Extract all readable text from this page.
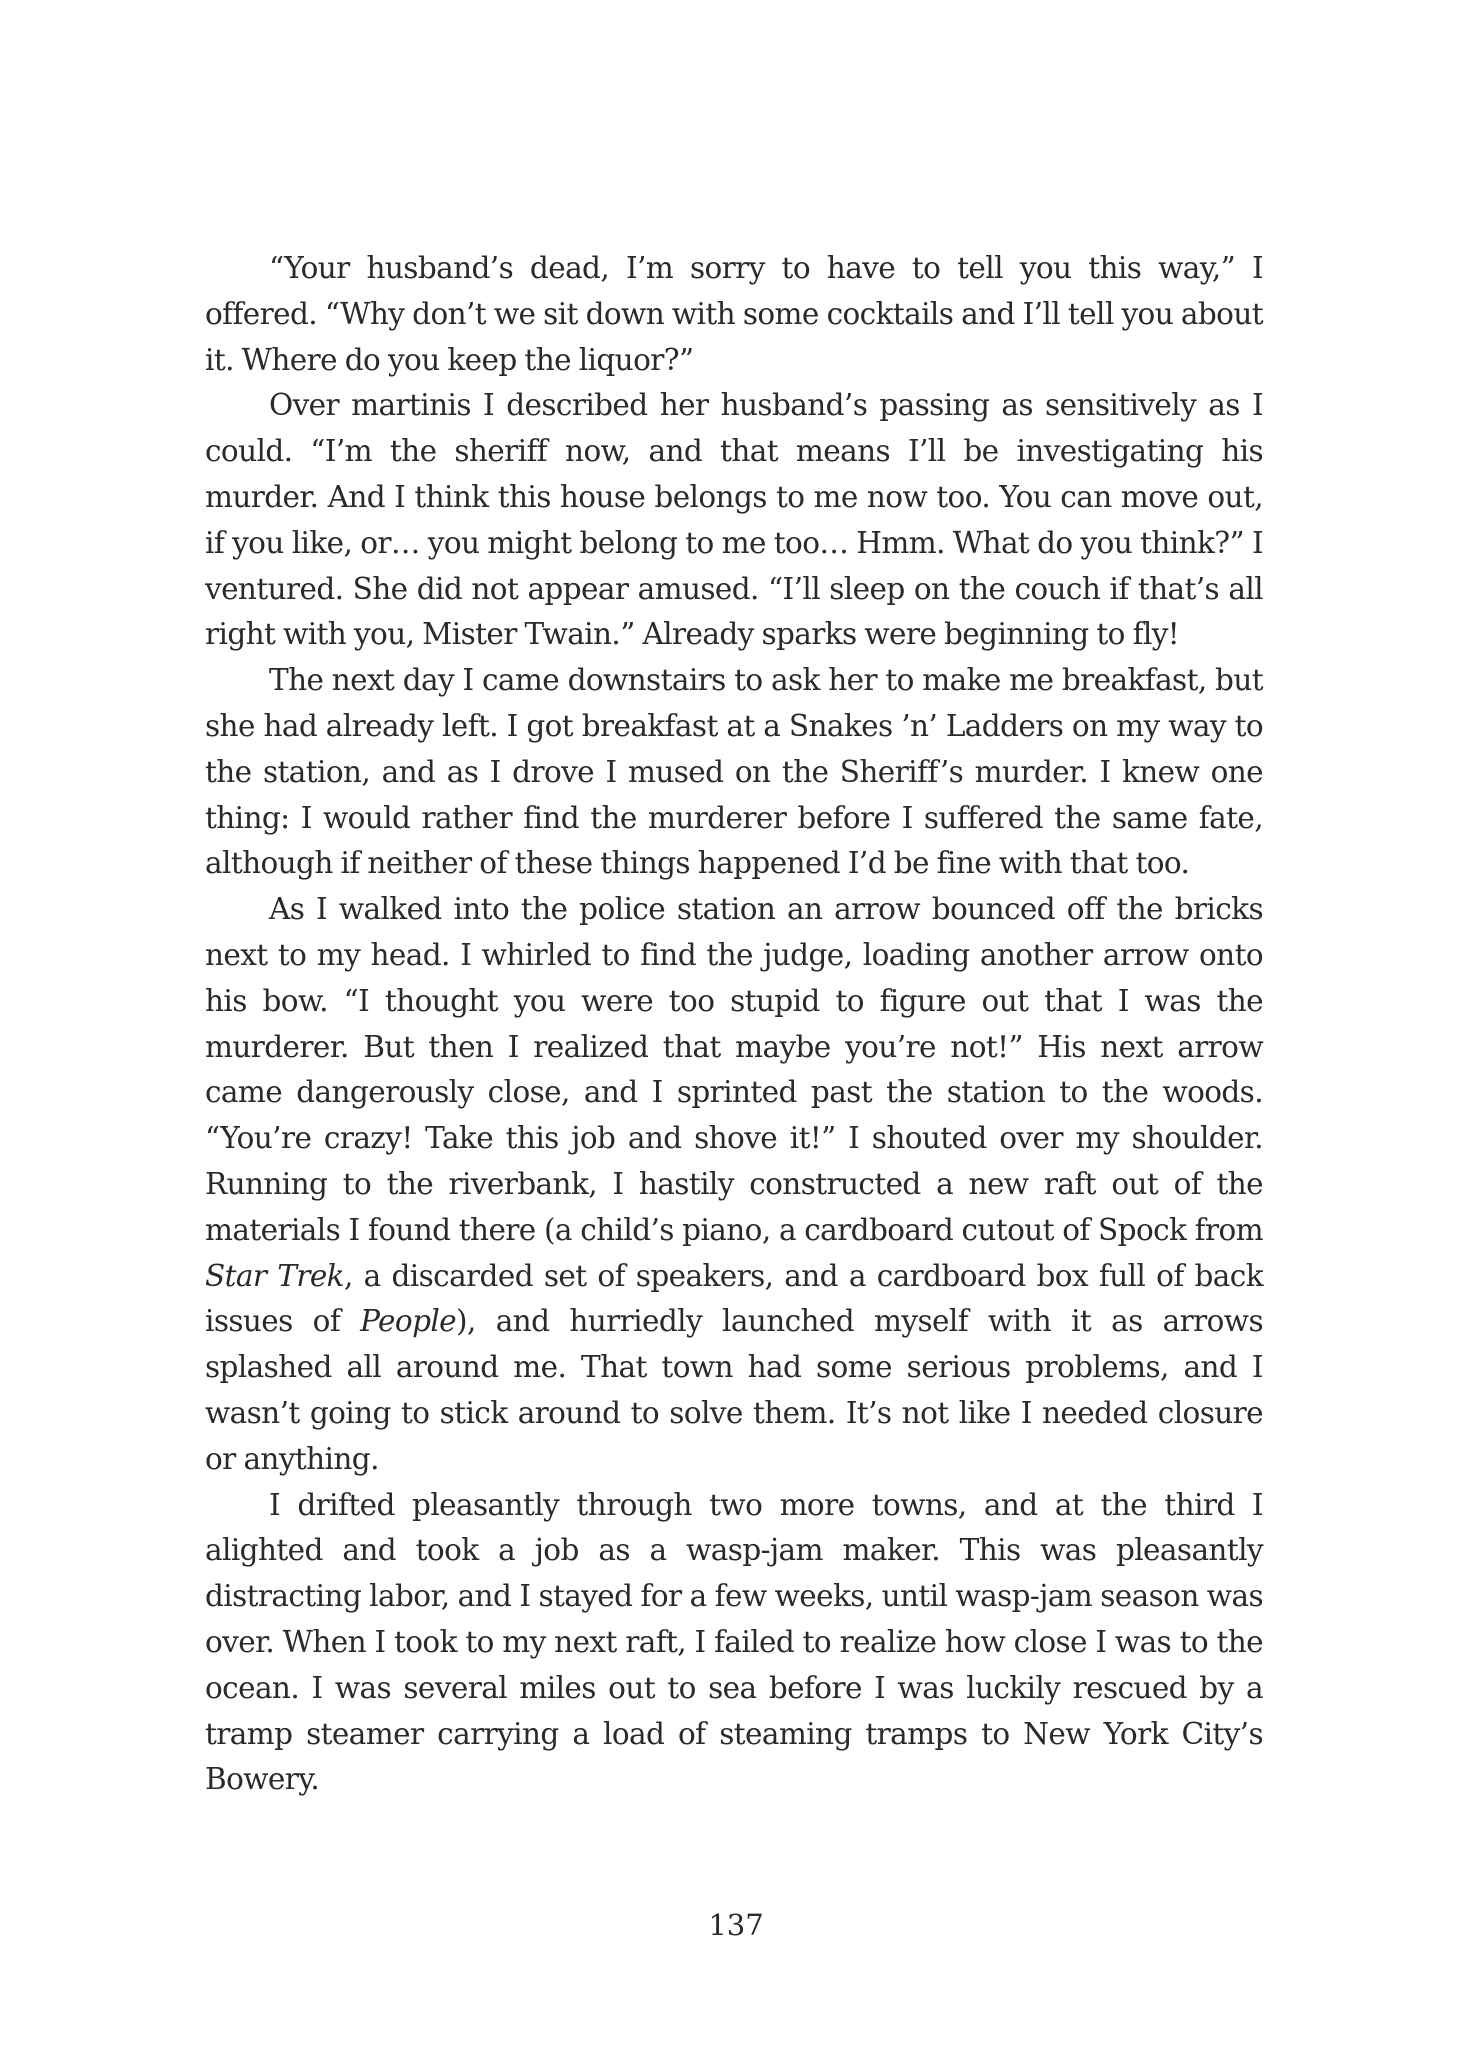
“Your husband’s dead, I’m sorry to have to tell you this way,” I offered. “Why don’t we sit down with some cocktails and I’ll tell you about it. Where do you keep the liquor?”

Over martinis I described her husband’s passing as sensitively as I could. “I’m the sheriff now, and that means I’ll be investigating his murder. And I think this house belongs to me now too. You can move out, if you like, or… you might belong to me too… Hmm. What do you think?” I ventured. She did not appear amused. “I’ll sleep on the couch if that’s all right with you, Mister Twain.” Already sparks were beginning to fly!

The next day I came downstairs to ask her to make me breakfast, but she had already left. I got breakfast at a Snakes ’n’ Ladders on my way to the station, and as I drove I mused on the Sheriff’s murder. I knew one thing: I would rather find the murderer before I suffered the same fate, although if neither of these things happened I’d be fine with that too.

As I walked into the police station an arrow bounced off the bricks next to my head. I whirled to find the judge, loading another arrow onto his bow. “I thought you were too stupid to figure out that I was the murderer. But then I realized that maybe you’re not!” His next arrow came dangerously close, and I sprinted past the station to the woods. “You’re crazy! Take this job and shove it!” I shouted over my shoulder. Running to the riverbank, I hastily constructed a new raft out of the materials I found there (a child’s piano, a cardboard cutout of Spock from Star Trek, a discarded set of speakers, and a cardboard box full of back issues of People), and hurriedly launched myself with it as arrows splashed all around me. That town had some serious problems, and I wasn’t going to stick around to solve them. It’s not like I needed closure or anything.

I drifted pleasantly through two more towns, and at the third I alighted and took a job as a wasp-jam maker. This was pleasantly distracting labor, and I stayed for a few weeks, until wasp-jam season was over. When I took to my next raft, I failed to realize how close I was to the ocean. I was several miles out to sea before I was luckily rescued by a tramp steamer carrying a load of steaming tramps to New York City’s Bowery.

137
